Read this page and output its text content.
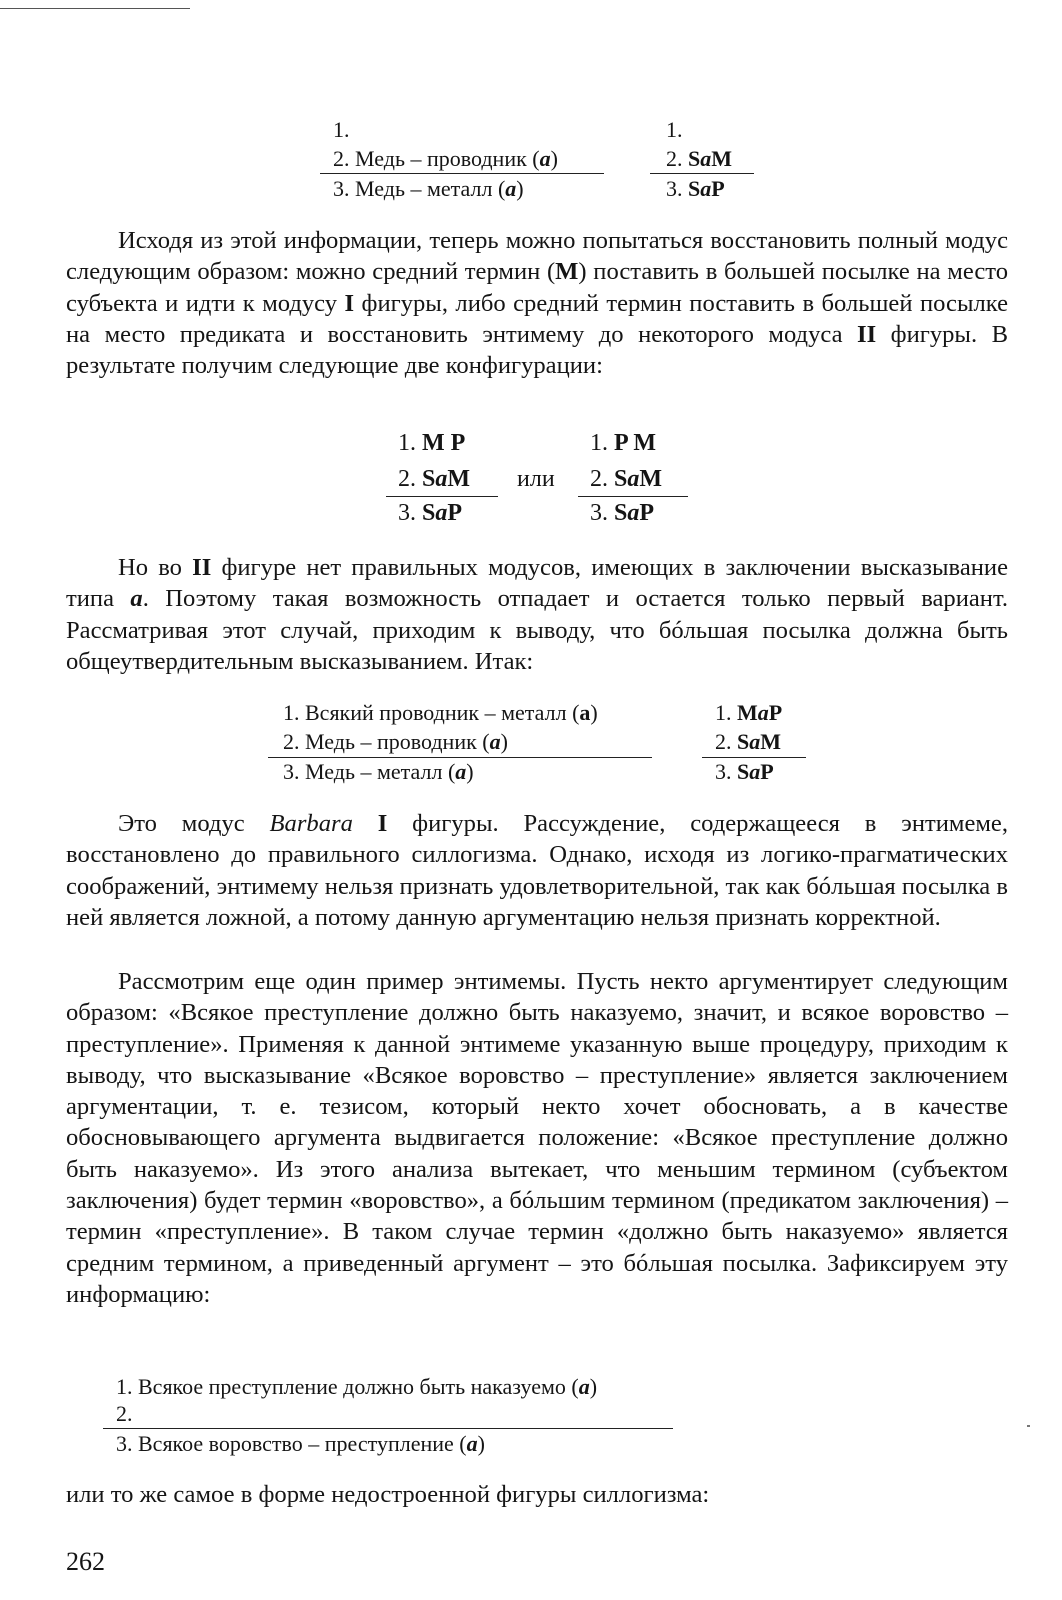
1.
2. Медь – проводник (a)
3. Медь – металл (a)
1.
2. SaM
3. SaP

Исходя из этой информации, теперь можно попытаться восстановить полный модус следующим образом: можно средний термин (M) поставить в большей посылке на место субъекта и идти к модусу I фигуры, либо средний термин поставить в большей посылке на место предиката и восстановить энтимему до некоторого модуса II фигуры. В результате получим следующие две конфигурации:

1. M P
2. SaM
3. SaP
или
1. P M
2. SaM
3. SaP

Но во II фигуре нет правильных модусов, имеющих в заключении высказывание типа a. Поэтому такая возможность отпадает и остается только первый вариант. Рассматривая этот случай, приходим к выводу, что бóльшая посылка должна быть общеутвердительным высказыванием. Итак:

1. Всякий проводник – металл (a)
2. Медь – проводник (a)
3. Медь – металл (a)
1. MaP
2. SaM
3. SaP

Это модус Barbara I фигуры. Рассуждение, содержащееся в энтимеме, восстановлено до правильного силлогизма. Однако, исходя из логико-прагматических соображений, энтимему нельзя признать удовлетворительной, так как бóльшая посылка в ней является ложной, а потому данную аргументацию нельзя признать корректной.

Рассмотрим еще один пример энтимемы. Пусть некто аргументирует следующим образом: «Всякое преступление должно быть наказуемо, значит, и всякое воровство – преступление». Применяя к данной энтимеме указанную выше процедуру, приходим к выводу, что высказывание «Всякое воровство – преступление» является заключением аргументации, т. е. тезисом, который некто хочет обосновать, а в качестве обосновывающего аргумента выдвигается положение: «Всякое преступление должно быть наказуемо». Из этого анализа вытекает, что меньшим термином (субъектом заключения) будет термин «воровство», а бóльшим термином (предикатом заключения) – термин «преступление». В таком случае термин «должно быть наказуемо» является средним термином, а приведенный аргумент – это бóльшая посылка. Зафиксируем эту информацию:

1. Всякое преступление должно быть наказуемо (a)
2.
3. Всякое воровство – преступление (a)

или то же самое в форме недостроенной фигуры силлогизма:

262
